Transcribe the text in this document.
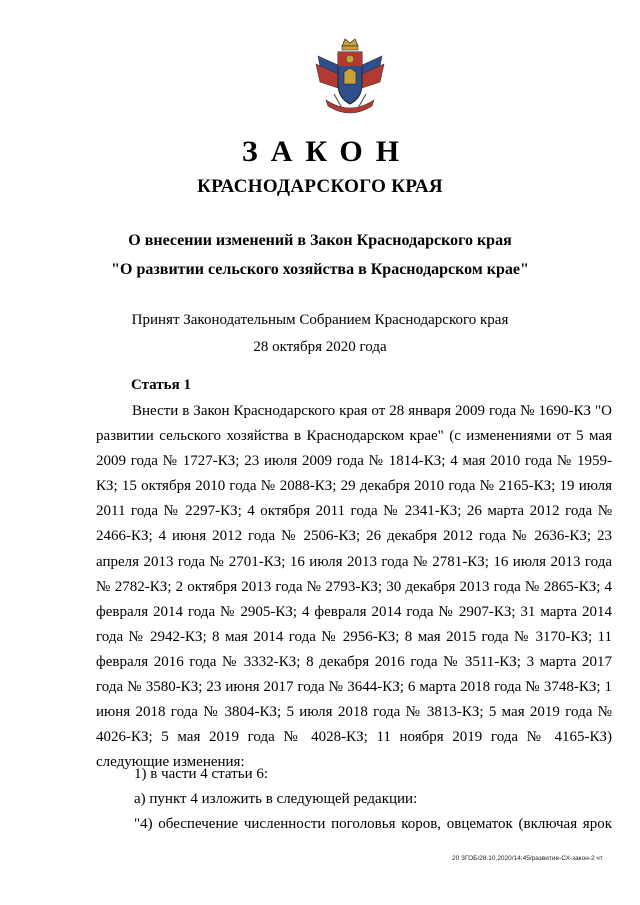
ЗАКОН
КРАСНОДАРСКОГО КРАЯ
О внесении изменений в Закон Краснодарского края
"О развитии сельского хозяйства в Краснодарском крае"
Принят Законодательным Собранием Краснодарского края
28 октября 2020 года
Статья 1
Внести в Закон Краснодарского края от 28 января 2009 года № 1690-КЗ "О развитии сельского хозяйства в Краснодарском крае" (с изменениями от 5 мая 2009 года № 1727-КЗ; 23 июля 2009 года № 1814-КЗ; 4 мая 2010 года № 1959-КЗ; 15 октября 2010 года № 2088-КЗ; 29 декабря 2010 года № 2165-КЗ; 19 июля 2011 года № 2297-КЗ; 4 октября 2011 года № 2341-КЗ; 26 марта 2012 года № 2466-КЗ; 4 июня 2012 года № 2506-КЗ; 26 декабря 2012 года № 2636-КЗ; 23 апреля 2013 года № 2701-КЗ; 16 июля 2013 года № 2781-КЗ; 16 июля 2013 года № 2782-КЗ; 2 октября 2013 года № 2793-КЗ; 30 декабря 2013 года № 2865-КЗ; 4 февраля 2014 года № 2905-КЗ; 4 февраля 2014 года № 2907-КЗ; 31 марта 2014 года № 2942-КЗ; 8 мая 2014 года № 2956-КЗ; 8 мая 2015 года № 3170-КЗ; 11 февраля 2016 года № 3332-КЗ; 8 декабря 2016 года № 3511-КЗ; 3 марта 2017 года № 3580-КЗ; 23 июня 2017 года № 3644-КЗ; 6 марта 2018 года № 3748-КЗ; 1 июня 2018 года № 3804-КЗ; 5 июля 2018 года № 3813-КЗ; 5 мая 2019 года № 4026-КЗ; 5 мая 2019 года № 4028-КЗ; 11 ноября 2019 года № 4165-КЗ) следующие изменения:
1) в части 4 статьи 6:
а) пункт 4 изложить в следующей редакции:
"4) обеспечение численности поголовья коров, овцематок (включая ярок
20 ЗГОБ/28.10.2020/14:45/развитие-СХ-закон-2 чт
